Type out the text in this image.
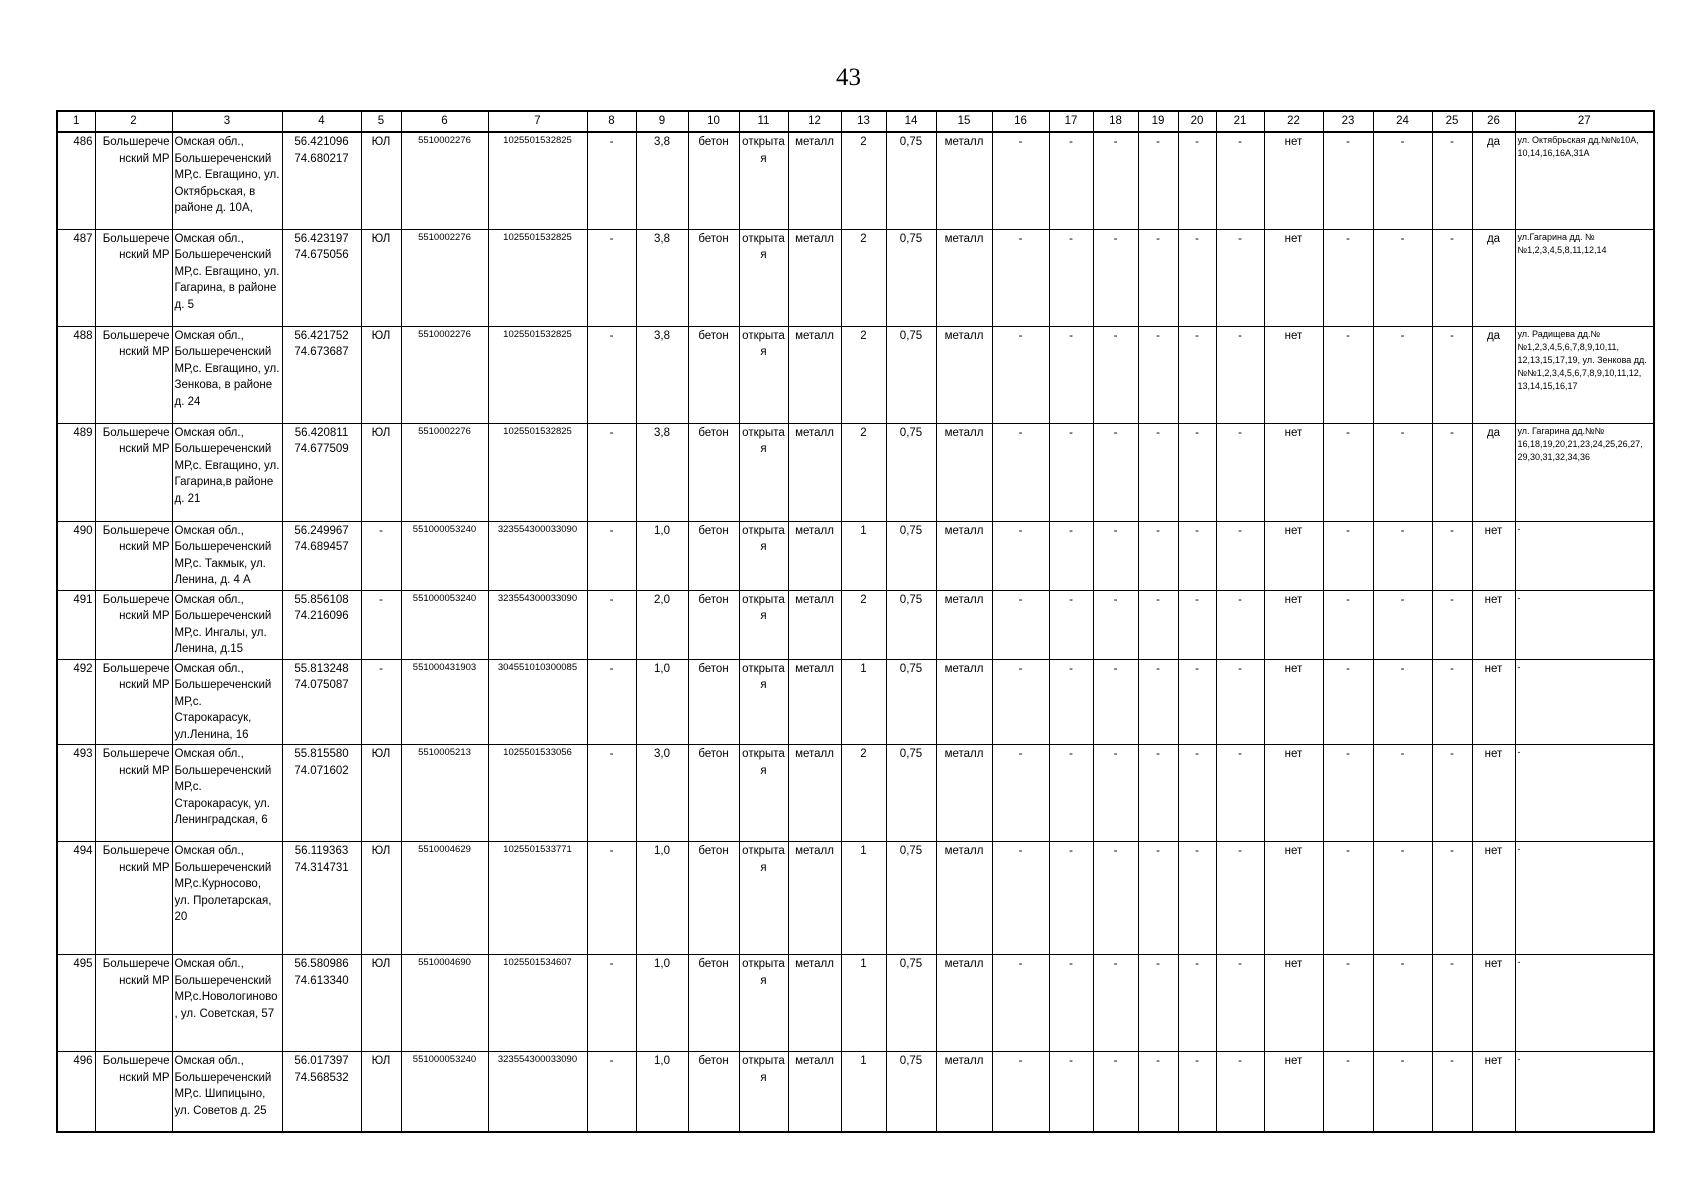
43
1	2	3	4	5	6	7	8	9	10	11	12	13	14	15	16	17	18	19	20	21	22	23	24	25	26	27
486	Большереченский МР	Омская обл., Большереченский МР,с. Евгащино, ул. Октябрьская, в районе д. 10А,	56.421096 74.680217	ЮЛ	5510002276	1025501532825	-	3,8	бетон	открытая	металл	2	0,75	металл	-	-	-	-	-	-	нет	-	-	-	да	ул. Октябрьская дд.№№10А, 10,14,16,16А,31А
487	Большереченский МР	Омская обл., Большереченский МР,с. Евгащино, ул. Гагарина, в районе д. 5	56.423197 74.675056	ЮЛ	5510002276	1025501532825	-	3,8	бетон	открытая	металл	2	0,75	металл	-	-	-	-	-	-	нет	-	-	-	да	ул.Гагарина дд. №№1,2,3,4,5,8,11,12,14
488	Большереченский МР	Омская обл., Большереченский МР,с. Евгащино, ул. Зенкова, в районе д. 24	56.421752 74.673687	ЮЛ	5510002276	1025501532825	-	3,8	бетон	открытая	металл	2	0,75	металл	-	-	-	-	-	-	нет	-	-	-	да	ул. Радищева дд.№№1,2,3,4,5,6,7,8,9,10,11, 12,13,15,17,19, ул. Зенкова дд. №№1,2,3,4,5,6,7,8,9,10,11,12, 13,14,15,16,17
489	Большереченский МР	Омская обл., Большереченский МР,с. Евгащино, ул. Гагарина,в районе д. 21	56.420811 74.677509	ЮЛ	5510002276	1025501532825	-	3,8	бетон	открытая	металл	2	0,75	металл	-	-	-	-	-	-	нет	-	-	-	да	ул. Гагарина дд.№№ 16,18,19,20,21,23,24,25,26,27, 29,30,31,32,34,36
490	Большереченский МР	Омская обл., Большереченский МР,с. Такмык, ул. Ленина, д. 4 А	56.249967 74.689457	-	551000053240	323554300033090	-	1,0	бетон	открытая	металл	1	0,75	металл	-	-	-	-	-	-	нет	-	-	-	нет	-
491	Большереченский МР	Омская обл., Большереченский МР,с. Ингалы, ул. Ленина, д.15	55.856108 74.216096	-	551000053240	323554300033090	-	2,0	бетон	открытая	металл	2	0,75	металл	-	-	-	-	-	-	нет	-	-	-	нет	-
492	Большереченский МР	Омская обл., Большереченский МР,с. Старокарасук, ул.Ленина, 16	55.813248 74.075087	-	551000431903	304551010300085	-	1,0	бетон	открытая	металл	1	0,75	металл	-	-	-	-	-	-	нет	-	-	-	нет	-
493	Большереченский МР	Омская обл., Большереченский МР,с. Старокарасук, ул. Ленинградская, 6	55.815580 74.071602	ЮЛ	5510005213	1025501533056	-	3,0	бетон	открытая	металл	2	0,75	металл	-	-	-	-	-	-	нет	-	-	-	нет	-
494	Большереченский МР	Омская обл., Большереченский МР,с.Курносово, ул. Пролетарская, 20	56.119363 74.314731	ЮЛ	5510004629	1025501533771	-	1,0	бетон	открытая	металл	1	0,75	металл	-	-	-	-	-	-	нет	-	-	-	нет	-
495	Большереченский МР	Омская обл., Большереченский МР,с.Новологиново, ул. Советская, 57	56.580986 74.613340	ЮЛ	5510004690	1025501534607	-	1,0	бетон	открытая	металл	1	0,75	металл	-	-	-	-	-	-	нет	-	-	-	нет	-
496	Большереченский МР	Омская обл., Большереченский МР,с. Шипицыно, ул. Советов д. 25	56.017397 74.568532	ЮЛ	551000053240	323554300033090	-	1,0	бетон	открытая	металл	1	0,75	металл	-	-	-	-	-	-	нет	-	-	-	нет	-
